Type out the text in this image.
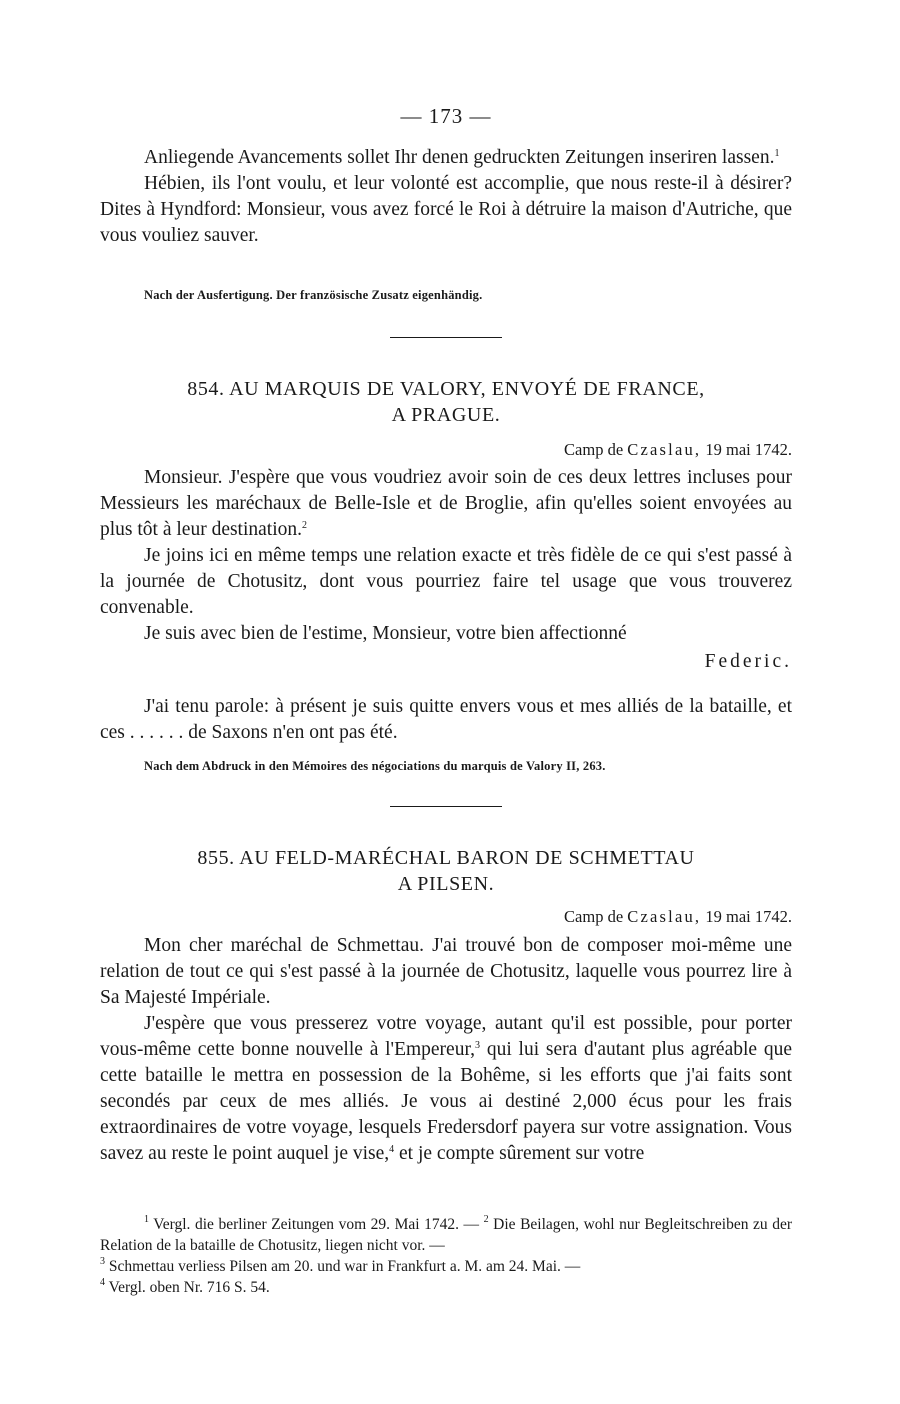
— 173 —

Anliegende Avancements sollet Ihr denen gedruckten Zeitungen inseriren lassen.$^1$

Hébien, ils l'ont voulu, et leur volonté est accomplie, que nous reste-il à désirer? Dites à Hyndford: Monsieur, vous avez forcé le Roi à détruire la maison d'Autriche, que vous vouliez sauver.

Nach der Ausfertigung. Der französische Zusatz eigenhändig.

854. AU MARQUIS DE VALORY, ENVOYÉ DE FRANCE,

A PRAGUE.

Camp de Czaslau, 19 mai 1742.

Monsieur. J'espère que vous voudriez avoir soin de ces deux lettres incluses pour Messieurs les maréchaux de Belle-Isle et de Broglie, afin qu'elles soient envoyées au plus tôt à leur destination.$^2$

Je joins ici en même temps une relation exacte et très fidèle de ce qui s'est passé à la journée de Chotusitz, dont vous pourriez faire tel usage que vous trouverez convenable.

Je suis avec bien de l'estime, Monsieur, votre bien affectionné

Federic.

J'ai tenu parole: à présent je suis quitte envers vous et mes alliés de la bataille, et ces . . . . . . de Saxons n'en ont pas été.

Nach dem Abdruck in den Mémoires des négociations du marquis de Valory II, 263.

855. AU FELD-MARÉCHAL BARON DE SCHMETTAU

A PILSEN.

Camp de Czaslau, 19 mai 1742.

Mon cher maréchal de Schmettau. J'ai trouvé bon de composer moi-même une relation de tout ce qui s'est passé à la journée de Chotusitz, laquelle vous pourrez lire à Sa Majesté Impériale.

J'espère que vous presserez votre voyage, autant qu'il est possible, pour porter vous-même cette bonne nouvelle à l'Empereur,$^3$ qui lui sera d'autant plus agréable que cette bataille le mettra en possession de la Bohême, si les efforts que j'ai faits sont secondés par ceux de mes alliés. Je vous ai destiné 2,000 écus pour les frais extraordinaires de votre voyage, lesquels Fredersdorf payera sur votre assignation. Vous savez au reste le point auquel je vise,$^4$ et je compte sûrement sur votre

$^1$ Vergl. die berliner Zeitungen vom 29. Mai 1742. — $^2$ Die Beilagen, wohl nur Begleitschreiben zu der Relation de la bataille de Chotusitz, liegen nicht vor. —

$^3$ Schmettau verliess Pilsen am 20. und war in Frankfurt a. M. am 24. Mai. —

$^4$ Vergl. oben Nr. 716 S. 54.
